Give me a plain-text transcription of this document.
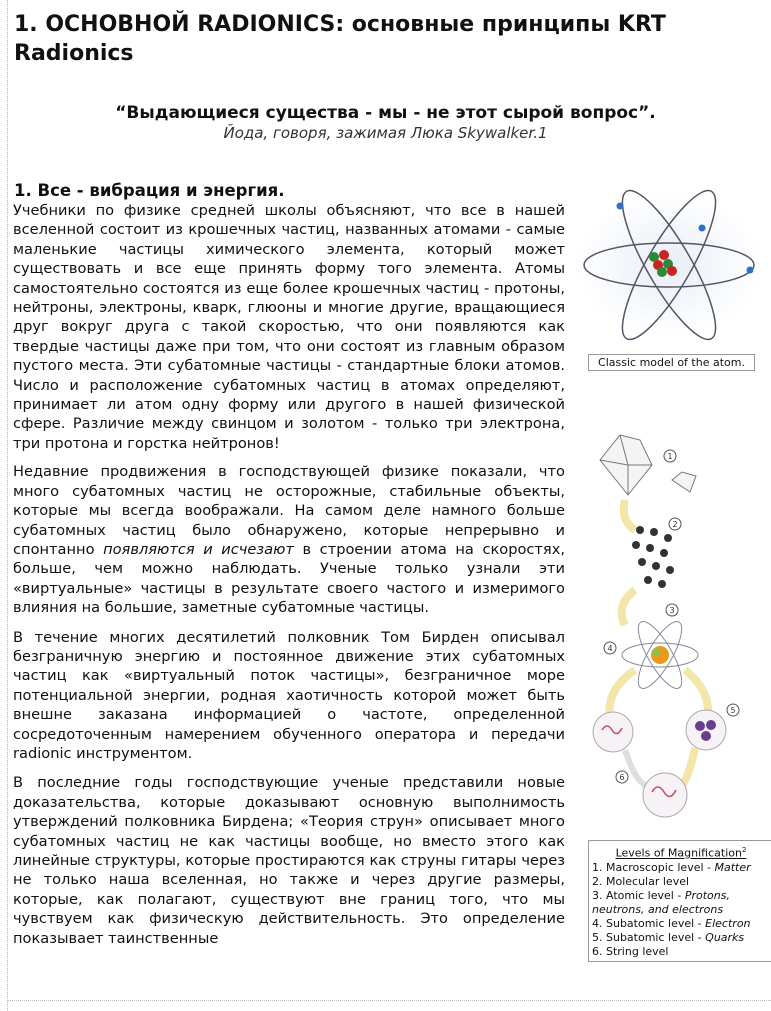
1. ОСНОВНОЙ RADIONICS: основные принципы KRT Radionics
“Выдающиеся существа - мы - не этот сырой вопрос”.
Йода, говоря, зажимая Люка Skywalker.1
1. Все - вибрация и энергия.

Учебники по физике средней школы объясняют, что все в нашей вселенной состоит из крошечных частиц, названных атомами - самые маленькие частицы химического элемента, который может существовать и все еще принять форму того элемента. Атомы самостоятельно состоятся из еще более крошечных частиц - протоны, нейтроны, электроны, кварк, глюоны и многие другие, вращающиеся друг вокруг друга с такой скоростью, что они появляются как твердые частицы даже при том, что они состоят из главным образом пустого места. Эти субатомные частицы - стандартные блоки атомов. Число и расположение субатомных частиц в атомах определяют, принимает ли атом одну форму или другого в нашей физической сфере. Различие между свинцом и золотом - только три электрона, три протона и горстка нейтронов!

Недавние продвижения в господствующей физике показали, что много субатомных частиц не осторожные, стабильные объекты, которые мы всегда воображали. На самом деле намного больше субатомных частиц было обнаружено, которые непрерывно и спонтанно появляются и исчезают в строении атома на скоростях, больше, чем можно наблюдать. Ученые только узнали эти «виртуальные» частицы в результате своего частого и измеримого влияния на большие, заметные субатомные частицы.

В течение многих десятилетий полковник Том Бирден описывал безграничную энергию и постоянное движение этих субатомных частиц как «виртуальный поток частицы», безграничное море потенциальной энергии, родная хаотичность которой может быть внешне заказана информацией о частоте, определенной сосредоточенным намерением обученного оператора и передачи radionic инструментом.

В последние годы господствующие ученые представили новые доказательства, которые доказывают основную выполнимость утверждений полковника Бирдена; «Теория струн» описывает много субатомных частиц не как частицы вообще, но вместо этого как линейные структуры, которые простираются как струны гитары через не только наша вселенная, но также и через другие размеры, которые, как полагают, существуют вне границ того, что мы чувствуем как физическую действительность. Это определение показывает таинственные

Classic model of the atom.
1
2
3
4
5
6
Levels of Magnification$^2$
1. Macroscopic level - Matter
2. Molecular level
3. Atomic level - Protons, neutrons, and electrons
4. Subatomic level - Electron
5. Subatomic level - Quarks
6. String level
